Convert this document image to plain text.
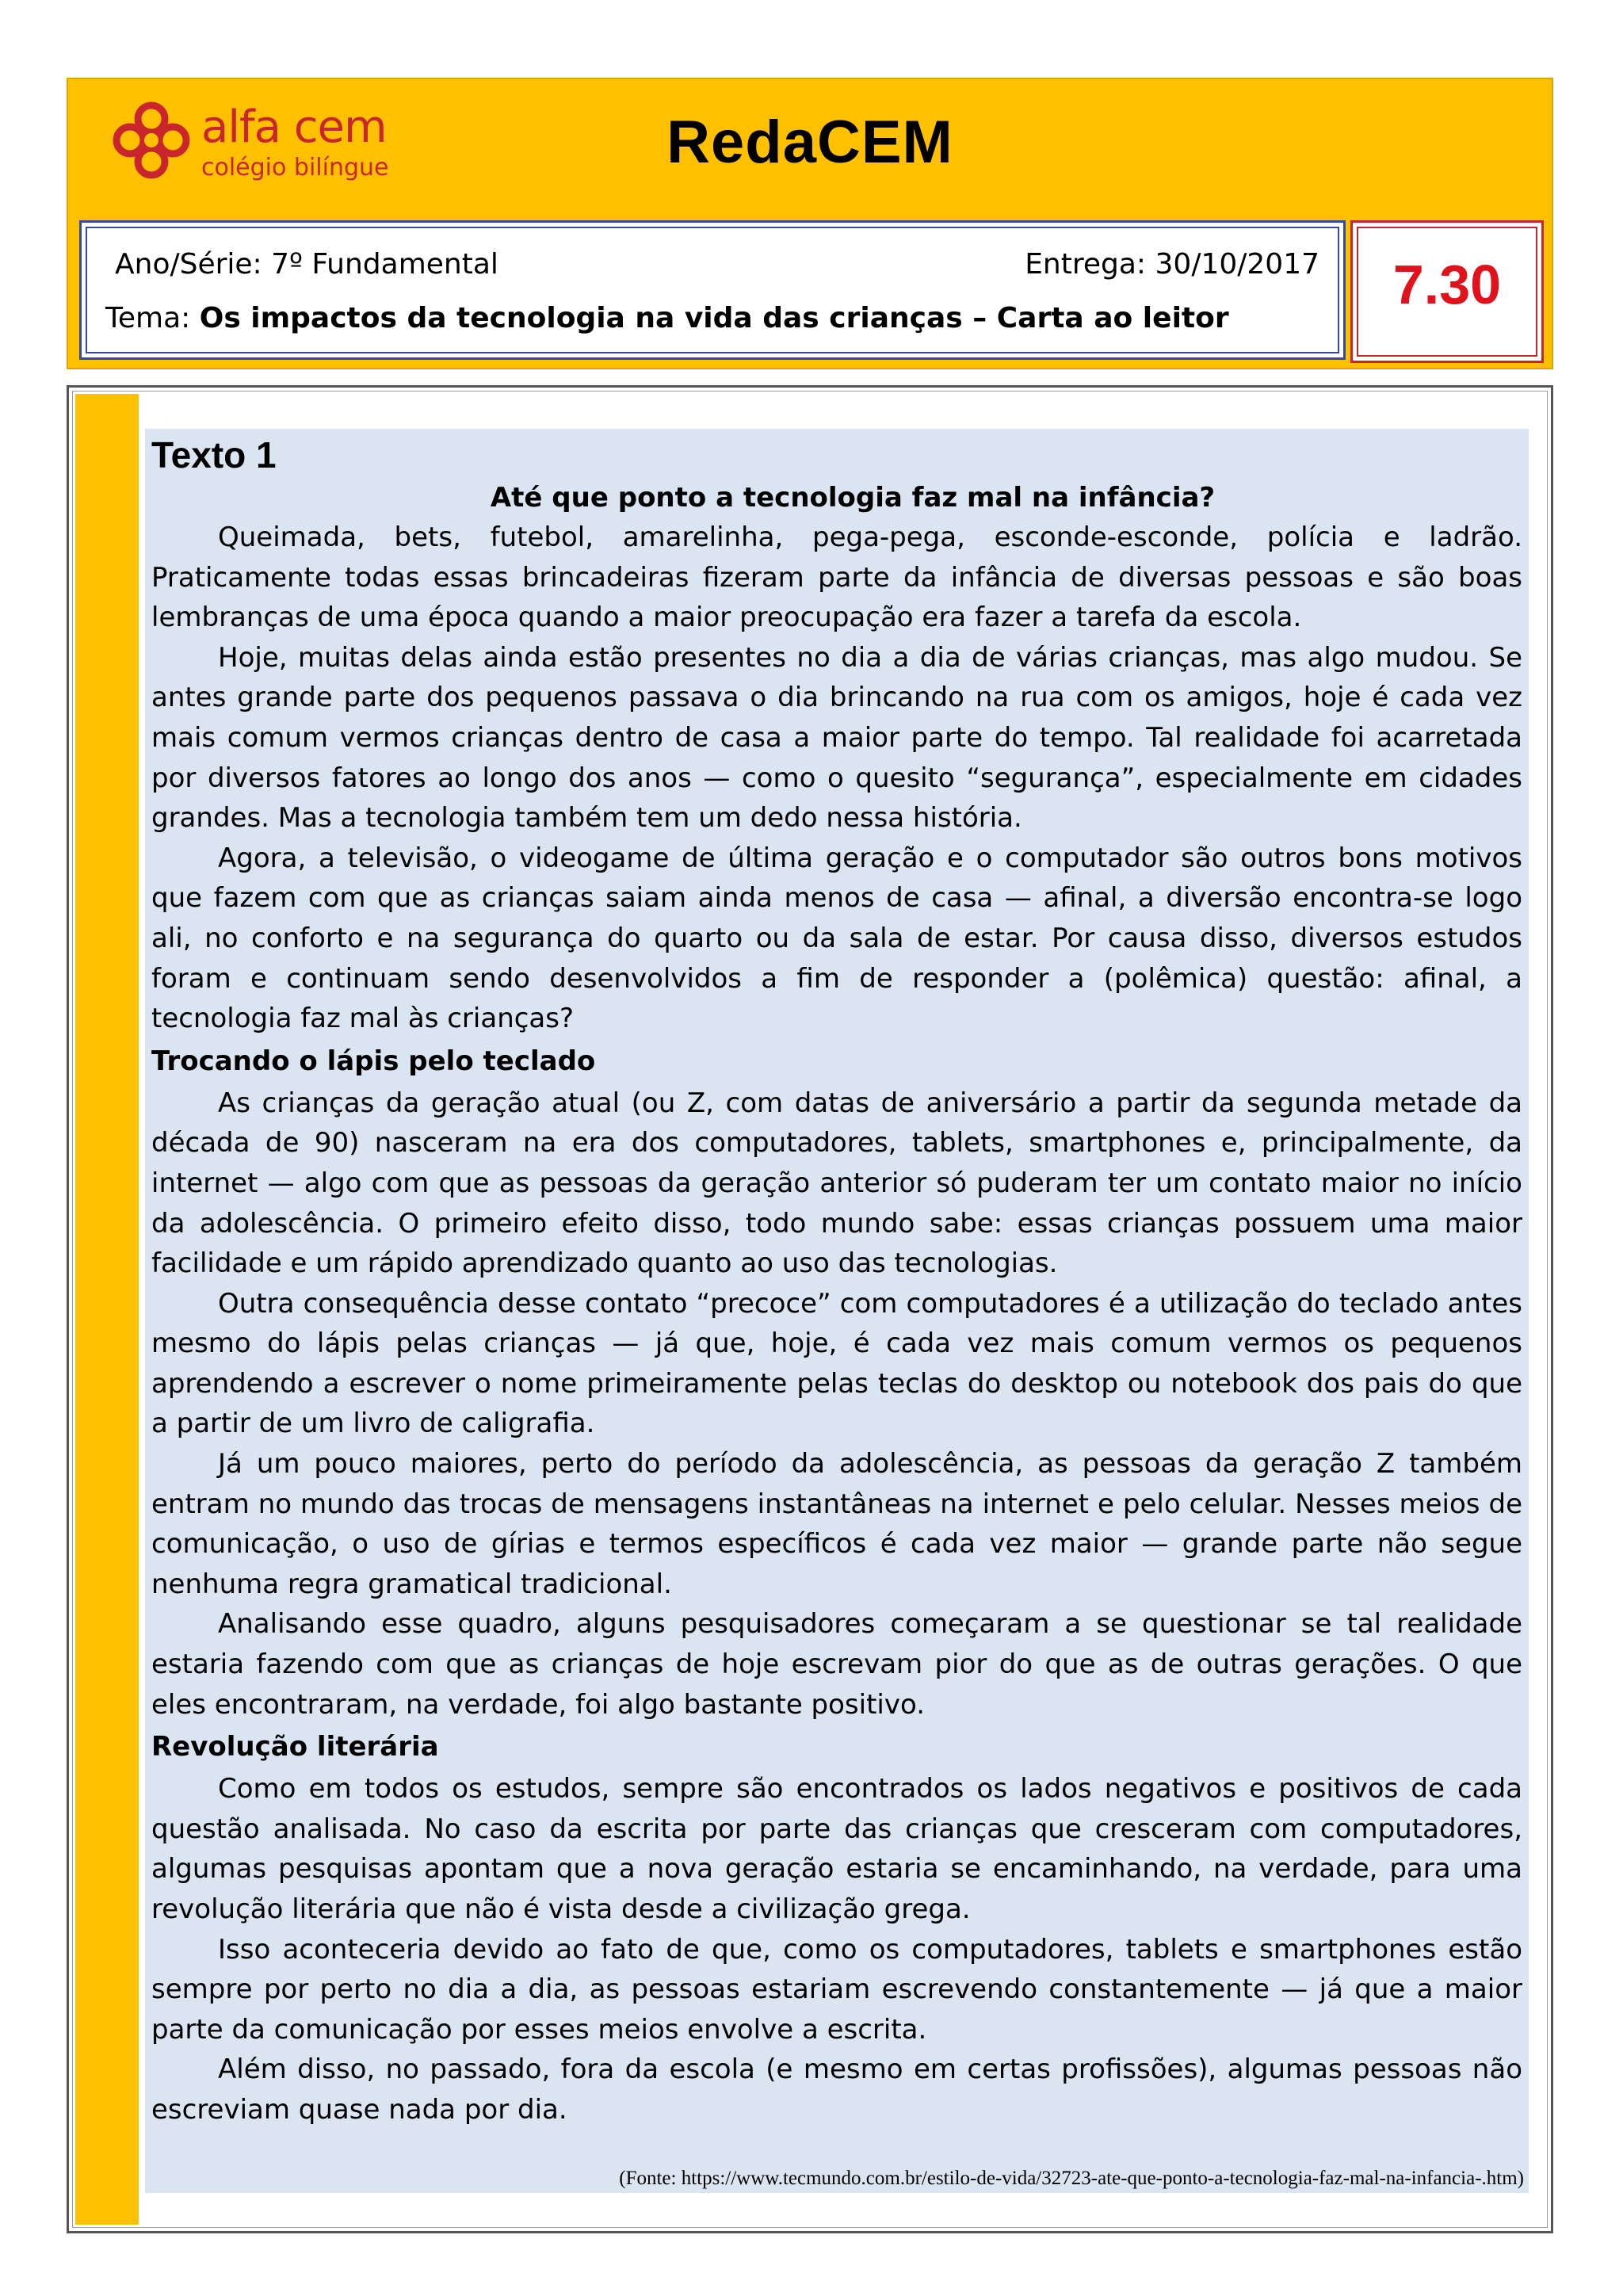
alfa cem
colégio bilíngue	RedaCEM
Ano/Série: 7º Fundamental	Entrega: 30/10/2017
Tema: Os impactos da tecnologia na vida das crianças – Carta ao leitor
7.30
Texto 1
Até que ponto a tecnologia faz mal na infância?

Queimada, bets, futebol, amarelinha, pega-pega, esconde-esconde, polícia e ladrão. Praticamente todas essas brincadeiras fizeram parte da infância de diversas pessoas e são boas lembranças de uma época quando a maior preocupação era fazer a tarefa da escola.

Hoje, muitas delas ainda estão presentes no dia a dia de várias crianças, mas algo mudou. Se antes grande parte dos pequenos passava o dia brincando na rua com os amigos, hoje é cada vez mais comum vermos crianças dentro de casa a maior parte do tempo. Tal realidade foi acarretada por diversos fatores ao longo dos anos — como o quesito “segurança”, especialmente em cidades grandes. Mas a tecnologia também tem um dedo nessa história.

Agora, a televisão, o videogame de última geração e o computador são outros bons motivos que fazem com que as crianças saiam ainda menos de casa — afinal, a diversão encontra-se logo ali, no conforto e na segurança do quarto ou da sala de estar. Por causa disso, diversos estudos foram e continuam sendo desenvolvidos a fim de responder a (polêmica) questão: afinal, a tecnologia faz mal às crianças?

Trocando o lápis pelo teclado

As crianças da geração atual (ou Z, com datas de aniversário a partir da segunda metade da década de 90) nasceram na era dos computadores, tablets, smartphones e, principalmente, da internet — algo com que as pessoas da geração anterior só puderam ter um contato maior no início da adolescência. O primeiro efeito disso, todo mundo sabe: essas crianças possuem uma maior facilidade e um rápido aprendizado quanto ao uso das tecnologias.

Outra consequência desse contato “precoce” com computadores é a utilização do teclado antes mesmo do lápis pelas crianças — já que, hoje, é cada vez mais comum vermos os pequenos aprendendo a escrever o nome primeiramente pelas teclas do desktop ou notebook dos pais do que a partir de um livro de caligrafia.

Já um pouco maiores, perto do período da adolescência, as pessoas da geração Z também entram no mundo das trocas de mensagens instantâneas na internet e pelo celular. Nesses meios de comunicação, o uso de gírias e termos específicos é cada vez maior — grande parte não segue nenhuma regra gramatical tradicional.

Analisando esse quadro, alguns pesquisadores começaram a se questionar se tal realidade estaria fazendo com que as crianças de hoje escrevam pior do que as de outras gerações. O que eles encontraram, na verdade, foi algo bastante positivo.

Revolução literária

Como em todos os estudos, sempre são encontrados os lados negativos e positivos de cada questão analisada. No caso da escrita por parte das crianças que cresceram com computadores, algumas pesquisas apontam que a nova geração estaria se encaminhando, na verdade, para uma revolução literária que não é vista desde a civilização grega.

Isso aconteceria devido ao fato de que, como os computadores, tablets e smartphones estão sempre por perto no dia a dia, as pessoas estariam escrevendo constantemente — já que a maior parte da comunicação por esses meios envolve a escrita.

Além disso, no passado, fora da escola (e mesmo em certas profissões), algumas pessoas não escreviam quase nada por dia.

(Fonte: https://www.tecmundo.com.br/estilo-de-vida/32723-ate-que-ponto-a-tecnologia-faz-mal-na-infancia-.htm)
